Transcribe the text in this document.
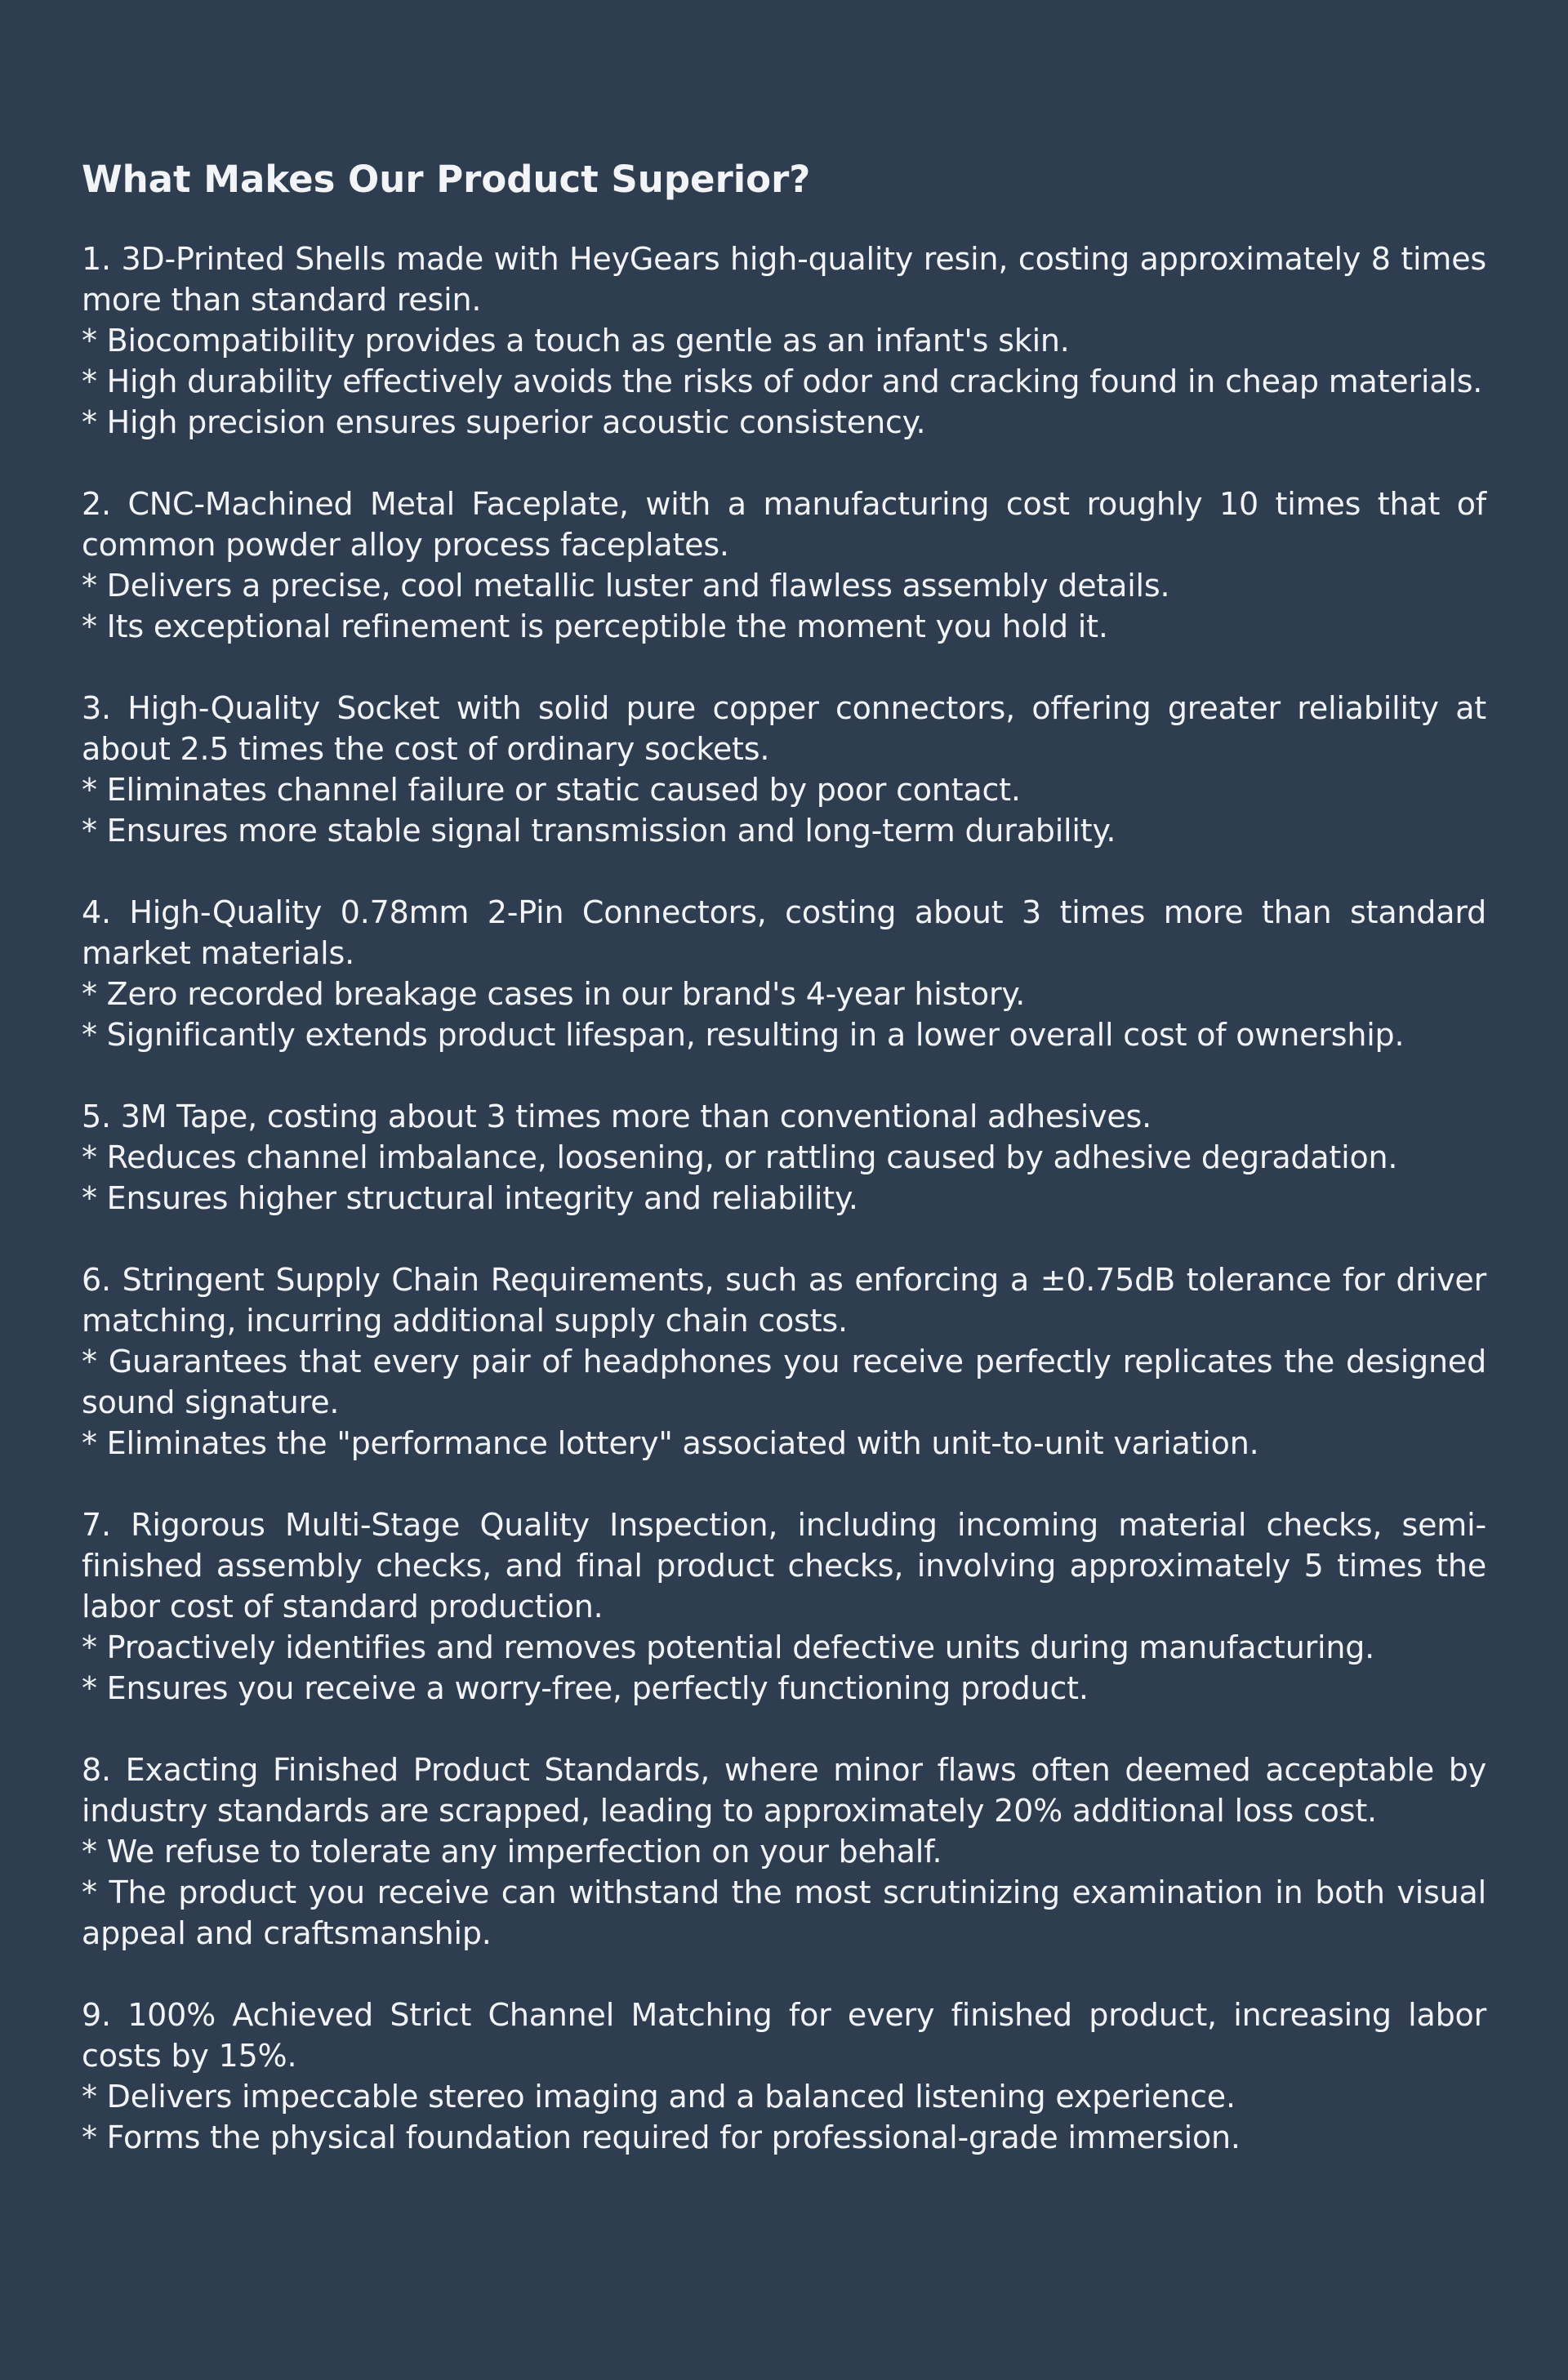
What Makes Our Product Superior?

1. 3D-Printed Shells made with HeyGears high-quality resin, costing approximately 8 times more than standard resin.

* Biocompatibility provides a touch as gentle as an infant's skin.

* High durability effectively avoids the risks of odor and cracking found in cheap materials.

* High precision ensures superior acoustic consistency.

2. CNC-Machined Metal Faceplate, with a manufacturing cost roughly 10 times that of common powder alloy process faceplates.

* Delivers a precise, cool metallic luster and flawless assembly details.

* Its exceptional refinement is perceptible the moment you hold it.

3. High-Quality Socket with solid pure copper connectors, offering greater reliability at about 2.5 times the cost of ordinary sockets.

* Eliminates channel failure or static caused by poor contact.

* Ensures more stable signal transmission and long-term durability.

4. High-Quality 0.78mm 2-Pin Connectors, costing about 3 times more than standard market materials.

* Zero recorded breakage cases in our brand's 4-year history.

* Significantly extends product lifespan, resulting in a lower overall cost of ownership.

5. 3M Tape, costing about 3 times more than conventional adhesives.

* Reduces channel imbalance, loosening, or rattling caused by adhesive degradation.

* Ensures higher structural integrity and reliability.

6. Stringent Supply Chain Requirements, such as enforcing a ±0.75dB tolerance for driver matching, incurring additional supply chain costs.

* Guarantees that every pair of headphones you receive perfectly replicates the designed sound signature.

* Eliminates the "performance lottery" associated with unit-to-unit variation.

7. Rigorous Multi-Stage Quality Inspection, including incoming material checks, semi-finished assembly checks, and final product checks, involving approximately 5 times the labor cost of standard production.

* Proactively identifies and removes potential defective units during manufacturing.

* Ensures you receive a worry-free, perfectly functioning product.

8. Exacting Finished Product Standards, where minor flaws often deemed acceptable by industry standards are scrapped, leading to approximately 20% additional loss cost.

* We refuse to tolerate any imperfection on your behalf.

* The product you receive can withstand the most scrutinizing examination in both visual appeal and craftsmanship.

9. 100% Achieved Strict Channel Matching for every finished product, increasing labor costs by 15%.

* Delivers impeccable stereo imaging and a balanced listening experience.

* Forms the physical foundation required for professional-grade immersion.
